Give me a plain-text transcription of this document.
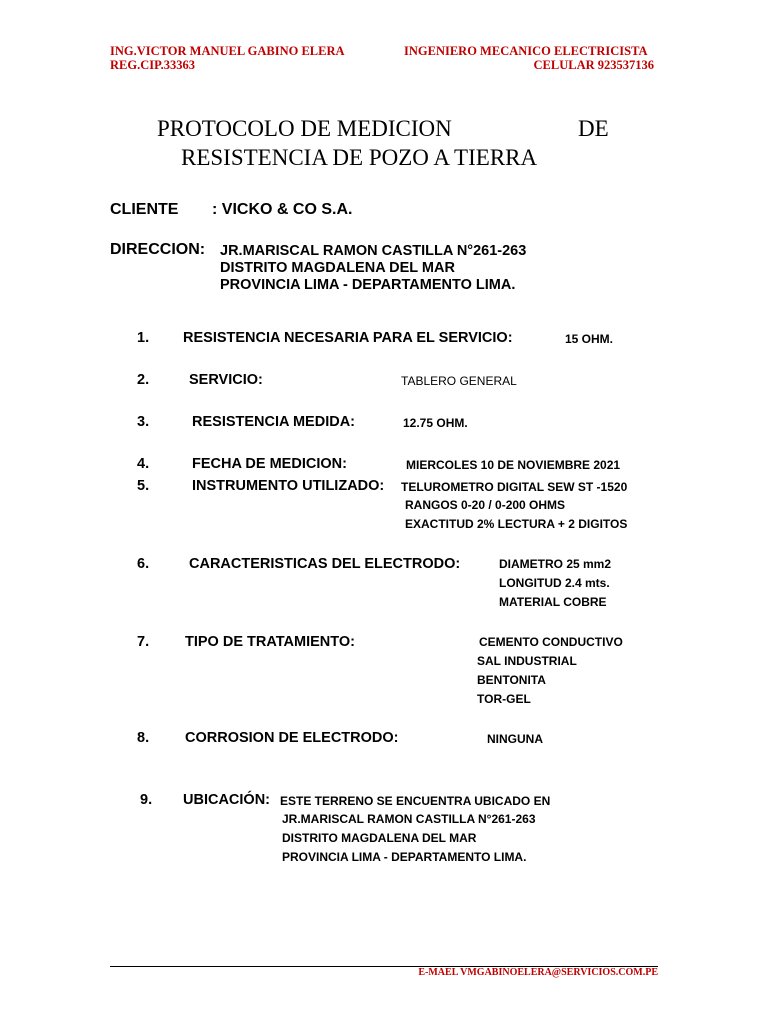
ING.VICTOR MANUEL GABINO ELERA
REG.CIP.33363
INGENIERO MECANICO ELECTRICISTA
CELULAR 923537136
PROTOCOLO DE MEDICION	DE
RESISTENCIA DE POZO A TIERRA
CLIENTE : VICKO & CO S.A.
DIRECCION: JR.MARISCAL RAMON CASTILLA N°261-263
DISTRITO MAGDALENA DEL MAR
PROVINCIA LIMA - DEPARTAMENTO LIMA.
1. RESISTENCIA NECESARIA PARA EL SERVICIO:	15 OHM.
2.	SERVICIO:	TABLERO GENERAL
3.	RESISTENCIA MEDIDA:	12.75 OHM.
4.	FECHA DE MEDICION:	MIERCOLES 10 DE NOVIEMBRE 2021
5.	INSTRUMENTO UTILIZADO: TELUROMETRO DIGITAL SEW ST -1520
RANGOS 0-20 / 0-200 OHMS
EXACTITUD 2% LECTURA + 2 DIGITOS
6.	CARACTERISTICAS DEL ELECTRODO:	DIAMETRO 25 mm2
LONGITUD 2.4 mts.
MATERIAL COBRE
7. TIPO DE TRATAMIENTO:	CEMENTO CONDUCTIVO
SAL INDUSTRIAL
BENTONITA
TOR-GEL
8. CORROSION DE ELECTRODO:	NINGUNA
9. UBICACIÓN: ESTE TERRENO SE ENCUENTRA UBICADO EN
JR.MARISCAL RAMON CASTILLA N°261-263
DISTRITO MAGDALENA DEL MAR
PROVINCIA LIMA - DEPARTAMENTO LIMA.
E-MAEL VMGABINOELERA@SERVICIOS.COM.PE
